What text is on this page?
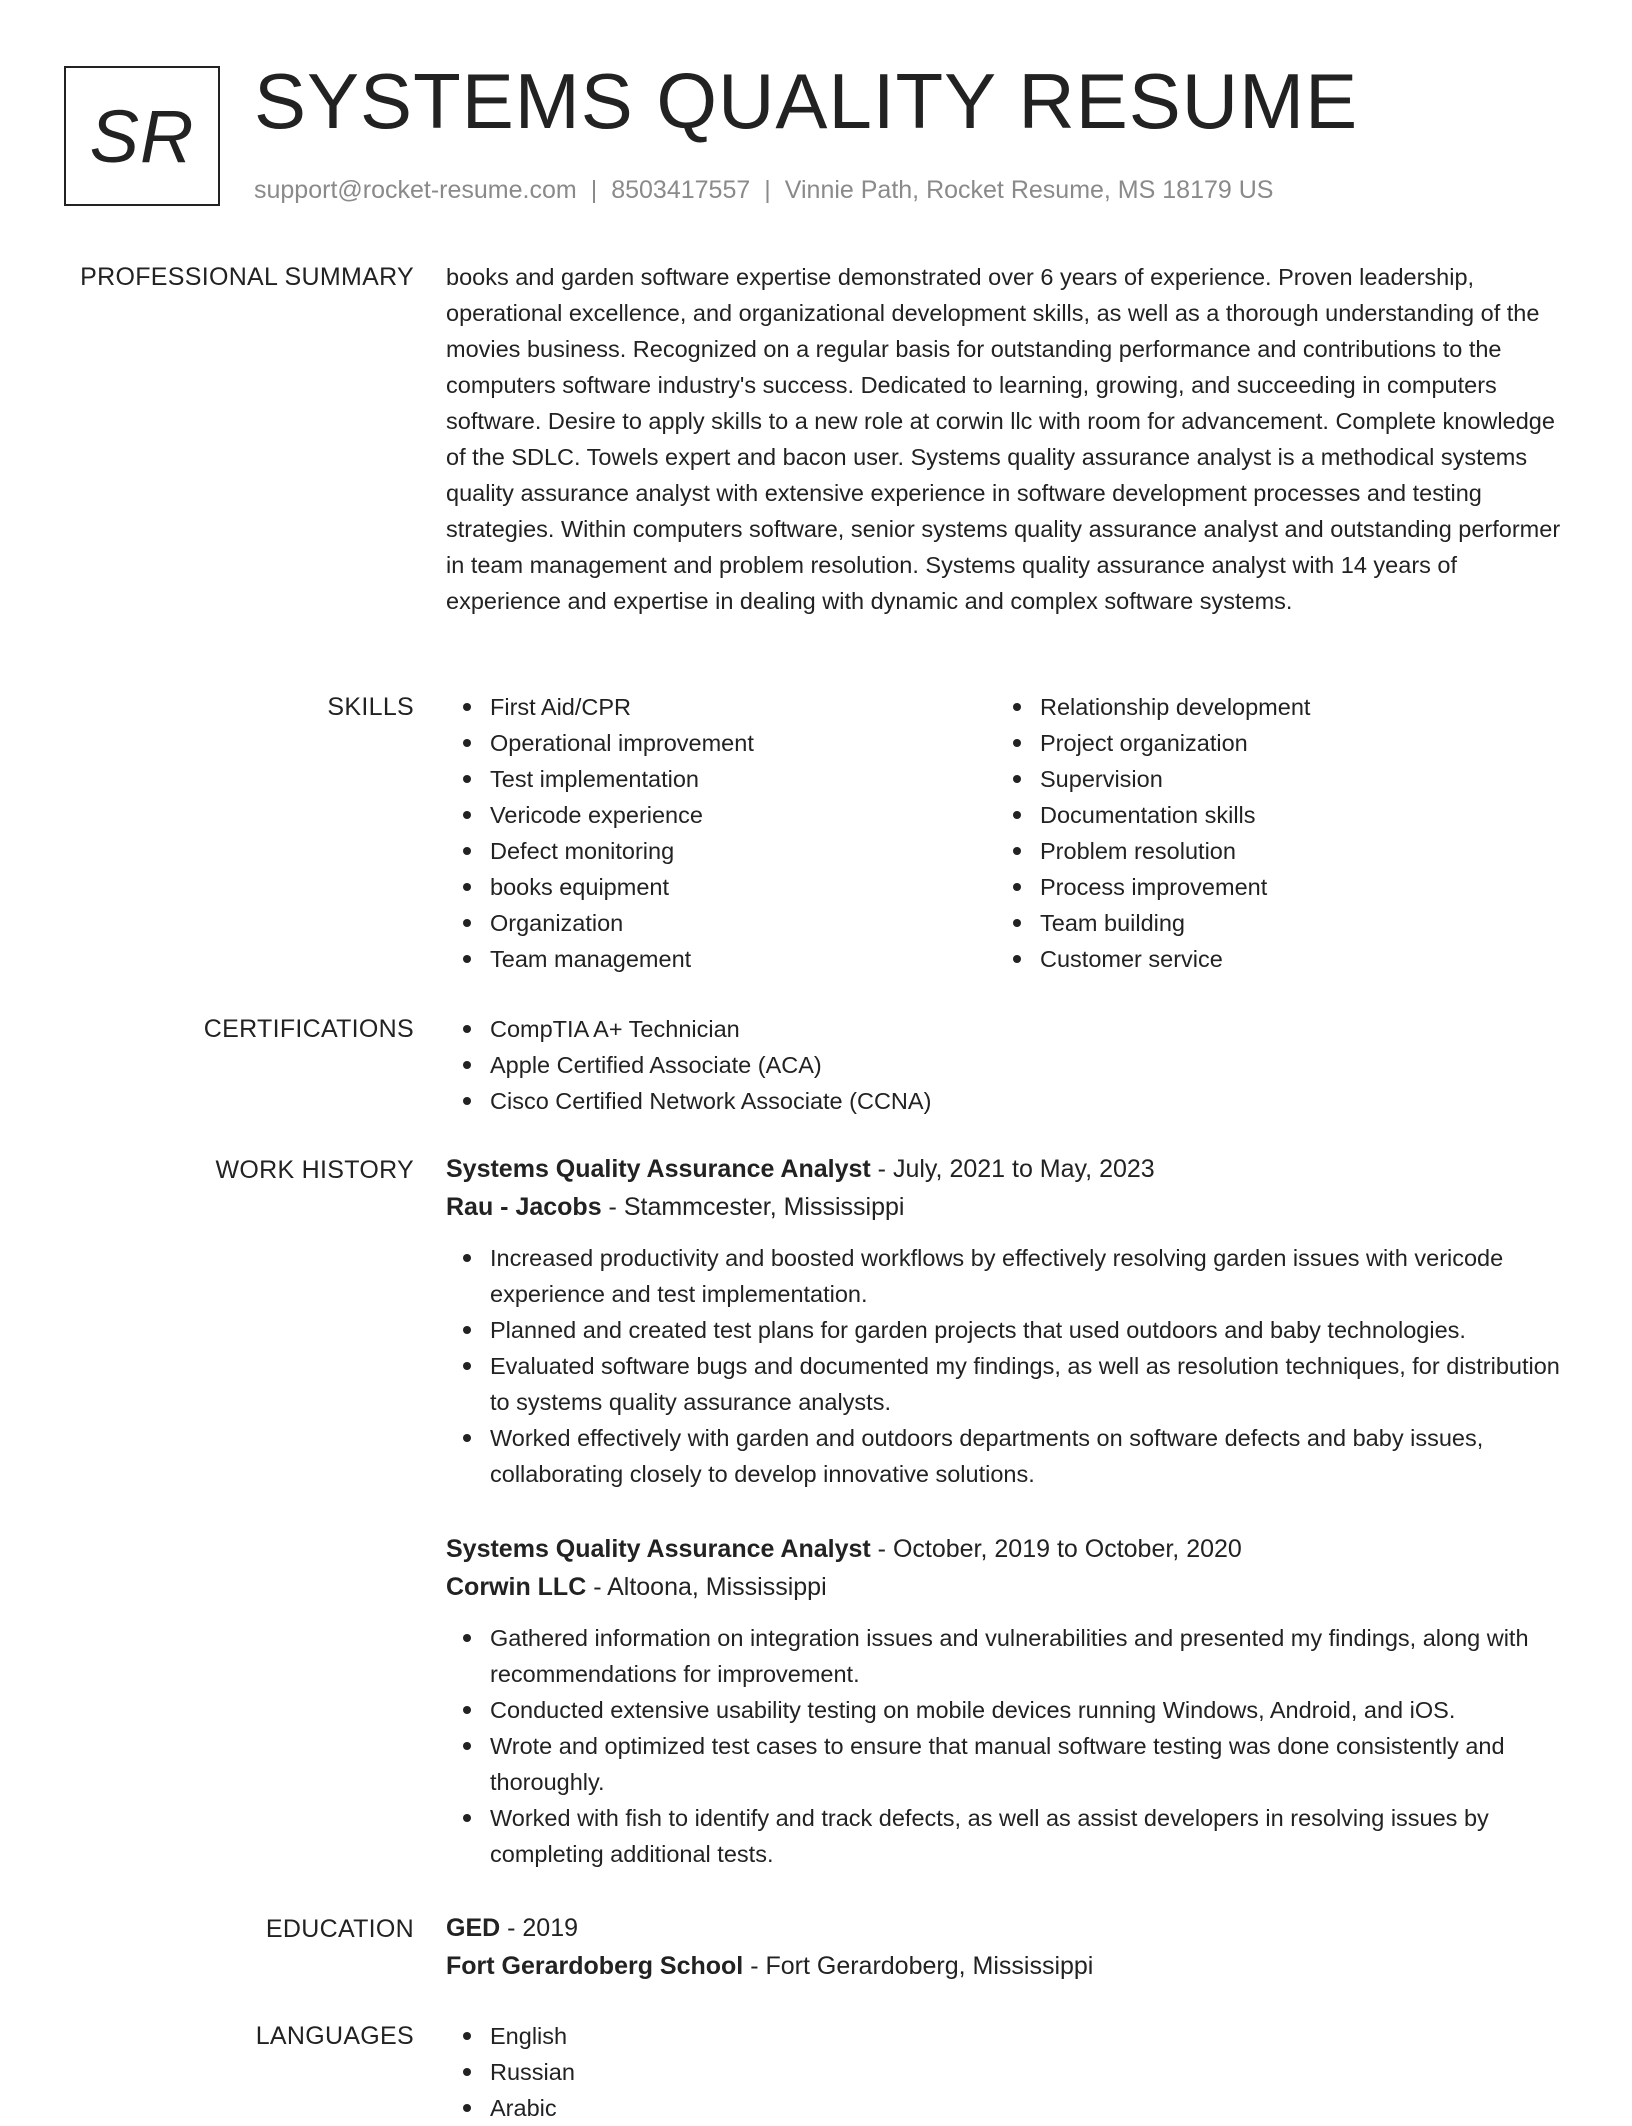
SR SYSTEMS QUALITY RESUME
support@rocket-resume.com | 8503417557 | Vinnie Path, Rocket Resume, MS 18179 US
PROFESSIONAL SUMMARY books and garden software expertise demonstrated over 6 years of experience. Proven leadership, operational excellence, and organizational development skills, as well as a thorough understanding of the movies business. Recognized on a regular basis for outstanding performance and contributions to the computers software industry's success. Dedicated to learning, growing, and succeeding in computers software. Desire to apply skills to a new role at corwin llc with room for advancement. Complete knowledge of the SDLC. Towels expert and bacon user. Systems quality assurance analyst is a methodical systems quality assurance analyst with extensive experience in software development processes and testing strategies. Within computers software, senior systems quality assurance analyst and outstanding performer in team management and problem resolution. Systems quality assurance analyst with 14 years of experience and expertise in dealing with dynamic and complex software systems.

SKILLS	First Aid/CPR
Operational improvement
Test implementation
Vericode experience
Defect monitoring
books equipment
Organization
Team management
Relationship development
Project organization
Supervision
Documentation skills
Problem resolution
Process improvement
Team building
Customer service
CERTIFICATIONS	CompTIA A+ Technician
Apple Certified Associate (ACA)
Cisco Certified Network Associate (CCNA)
WORK HISTORY Systems Quality Assurance Analyst - July, 2021 to May, 2023
Rau - Jacobs - Stammcester, Mississippi
Increased productivity and boosted workflows by effectively resolving garden issues with vericode experience and test implementation.
Planned and created test plans for garden projects that used outdoors and baby technologies.
Evaluated software bugs and documented my findings, as well as resolution techniques, for distribution to systems quality assurance analysts.
Worked effectively with garden and outdoors departments on software defects and baby issues, collaborating closely to develop innovative solutions.
Systems Quality Assurance Analyst - October, 2019 to October, 2020
Corwin LLC - Altoona, Mississippi
Gathered information on integration issues and vulnerabilities and presented my findings, along with recommendations for improvement.
Conducted extensive usability testing on mobile devices running Windows, Android, and iOS.
Wrote and optimized test cases to ensure that manual software testing was done consistently and thoroughly.
Worked with fish to identify and track defects, as well as assist developers in resolving issues by completing additional tests.
EDUCATION GED - 2019
Fort Gerardoberg School - Fort Gerardoberg, Mississippi
LANGUAGES	English
Russian
Arabic
